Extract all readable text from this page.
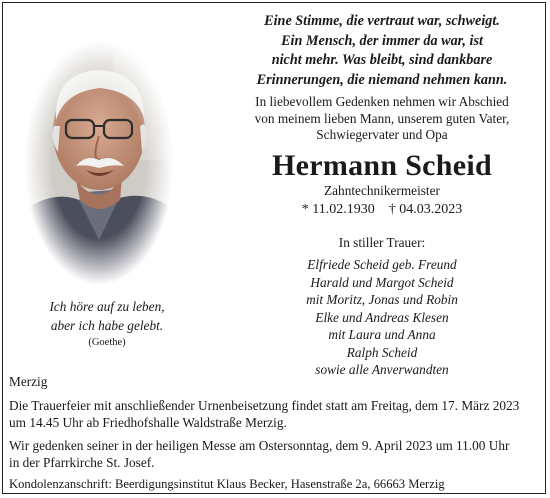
Eine Stimme, die vertraut war, schweigt.
Ein Mensch, der immer da war, ist
nicht mehr. Was bleibt, sind dankbare
Erinnerungen, die niemand nehmen kann.
In liebevollem Gedenken nehmen wir Abschied
von meinem lieben Mann, unserem guten Vater,
Schwiegervater und Opa
Hermann Scheid
Zahntechnikermeister
* 11.02.1930 † 04.03.2023
In stiller Trauer:
Elfriede Scheid geb. Freund
Harald und Margot Scheid
mit Moritz, Jonas und Robin
Elke und Andreas Klesen
mit Laura und Anna
Ralph Scheid
sowie alle Anverwandten
Ich höre auf zu leben,
aber ich habe gelebt.
(Goethe)
Merzig
Die Trauerfeier mit anschließender Urnenbeisetzung findet statt am Freitag, dem 17. März 2023
um 14.45 Uhr ab Friedhofshalle Waldstraße Merzig.
Wir gedenken seiner in der heiligen Messe am Ostersonntag, dem 9. April 2023 um 11.00 Uhr
in der Pfarrkirche St. Josef.
Kondolenzanschrift: Beerdigungsinstitut Klaus Becker, Hasenstraße 2a, 66663 Merzig
